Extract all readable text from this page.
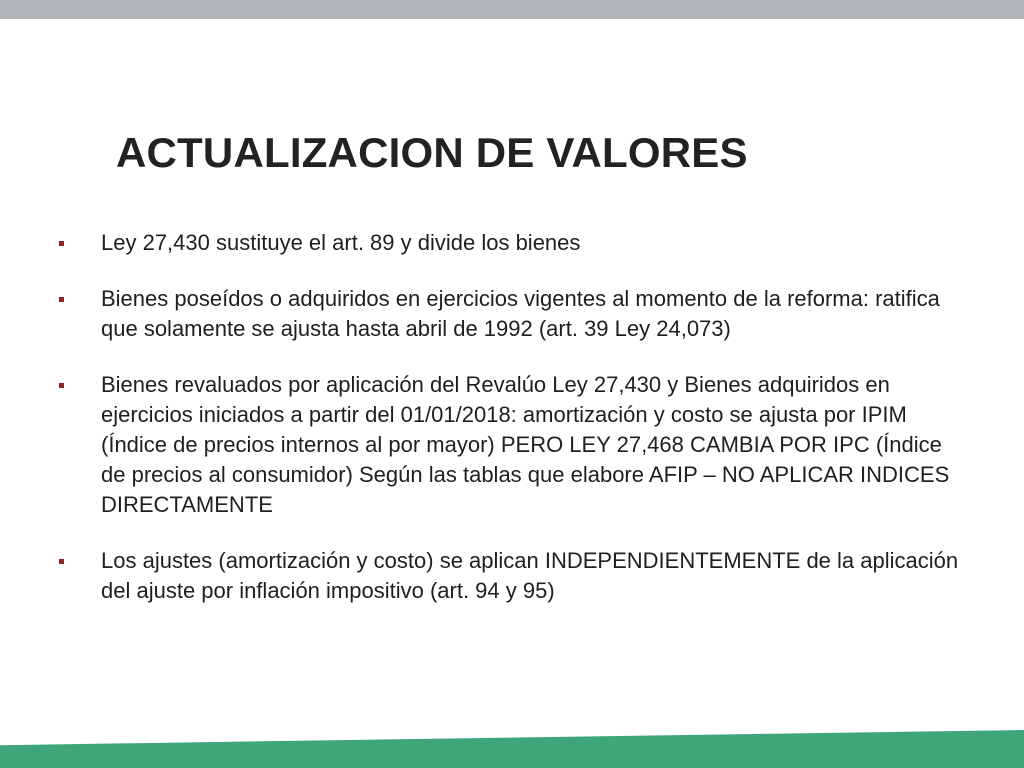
ACTUALIZACION DE VALORES
Ley 27,430 sustituye el art. 89 y divide los bienes
Bienes poseídos o adquiridos en ejercicios vigentes al momento de la reforma: ratifica que solamente se ajusta hasta abril de 1992 (art. 39 Ley 24,073)
Bienes revaluados por aplicación del Revalúo Ley 27,430 y Bienes adquiridos en ejercicios iniciados a partir del 01/01/2018: amortización y costo se ajusta por IPIM (Índice de precios internos al por mayor) PERO LEY 27,468 CAMBIA POR IPC (Índice de precios al consumidor) Según las tablas que elabore AFIP – NO APLICAR INDICES DIRECTAMENTE
Los ajustes (amortización y costo) se aplican INDEPENDIENTEMENTE de la aplicación del ajuste por inflación impositivo (art. 94 y 95)
